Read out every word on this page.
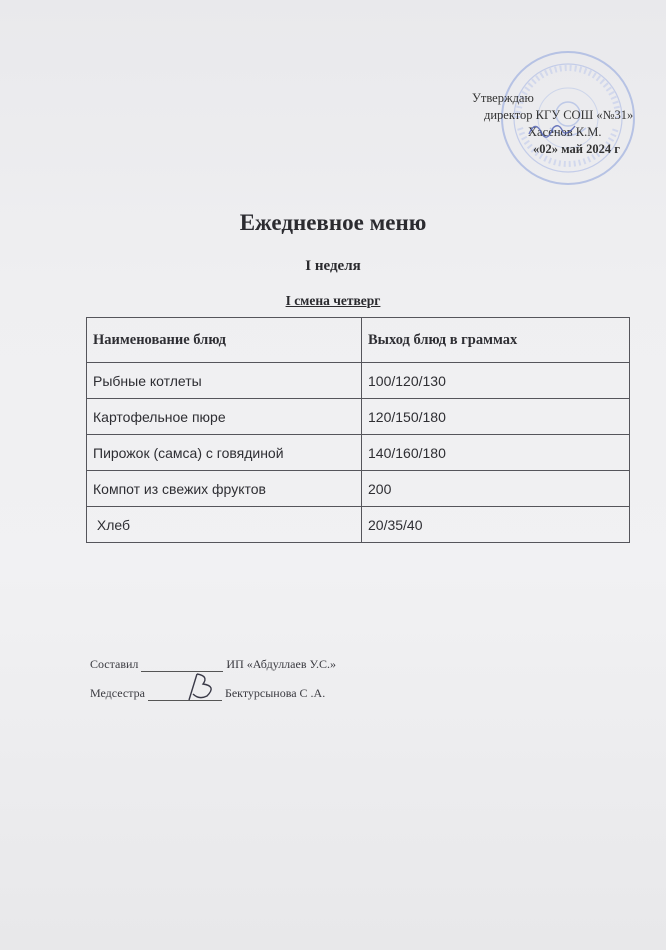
Утверждаю
директор КГУ СОШ «№31»
Хасенов К.М.
«02» май 2024 г
Ежедневное меню
I неделя
I смена четверг
Наименование блюд	Выход блюд в граммах
Рыбные котлеты	100/120/130
Картофельное пюре	120/150/180
Пирожок (самса) с говядиной	140/160/180
Компот из свежих фруктов	200
Хлеб	20/35/40
Составил	ИП «Абдуллаев У.С.»
Медсестра	Бектурсынова С .А.
